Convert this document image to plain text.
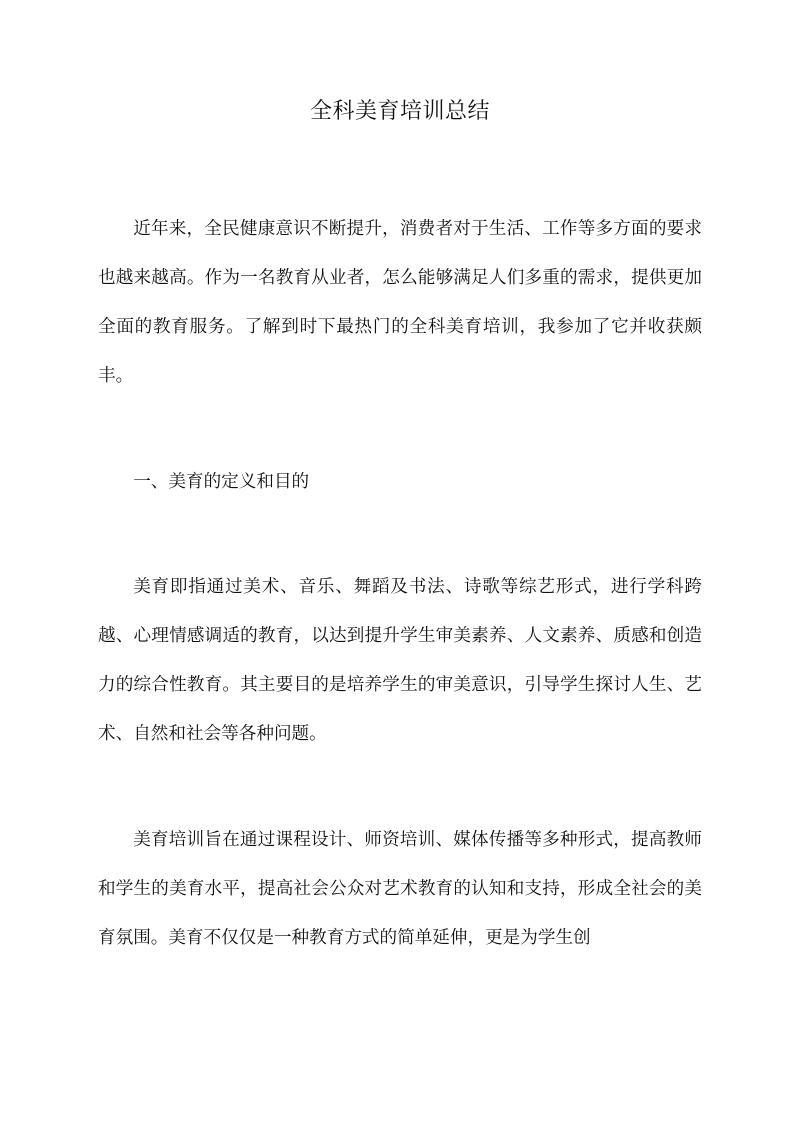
全科美育培训总结

近年来，全民健康意识不断提升，消费者对于生活、工作等多方面的要求也越来越高。作为一名教育从业者，怎么能够满足人们多重的需求，提供更加全面的教育服务。了解到时下最热门的全科美育培训，我参加了它并收获颇丰。

一、美育的定义和目的

美育即指通过美术、音乐、舞蹈及书法、诗歌等综艺形式，进行学科跨越、心理情感调适的教育，以达到提升学生审美素养、人文素养、质感和创造力的综合性教育。其主要目的是培养学生的审美意识，引导学生探讨人生、艺术、自然和社会等各种问题。

美育培训旨在通过课程设计、师资培训、媒体传播等多种形式，提高教师和学生的美育水平，提高社会公众对艺术教育的认知和支持，形成全社会的美育氛围。美育不仅仅是一种教育方式的简单延伸，更是为学生创
